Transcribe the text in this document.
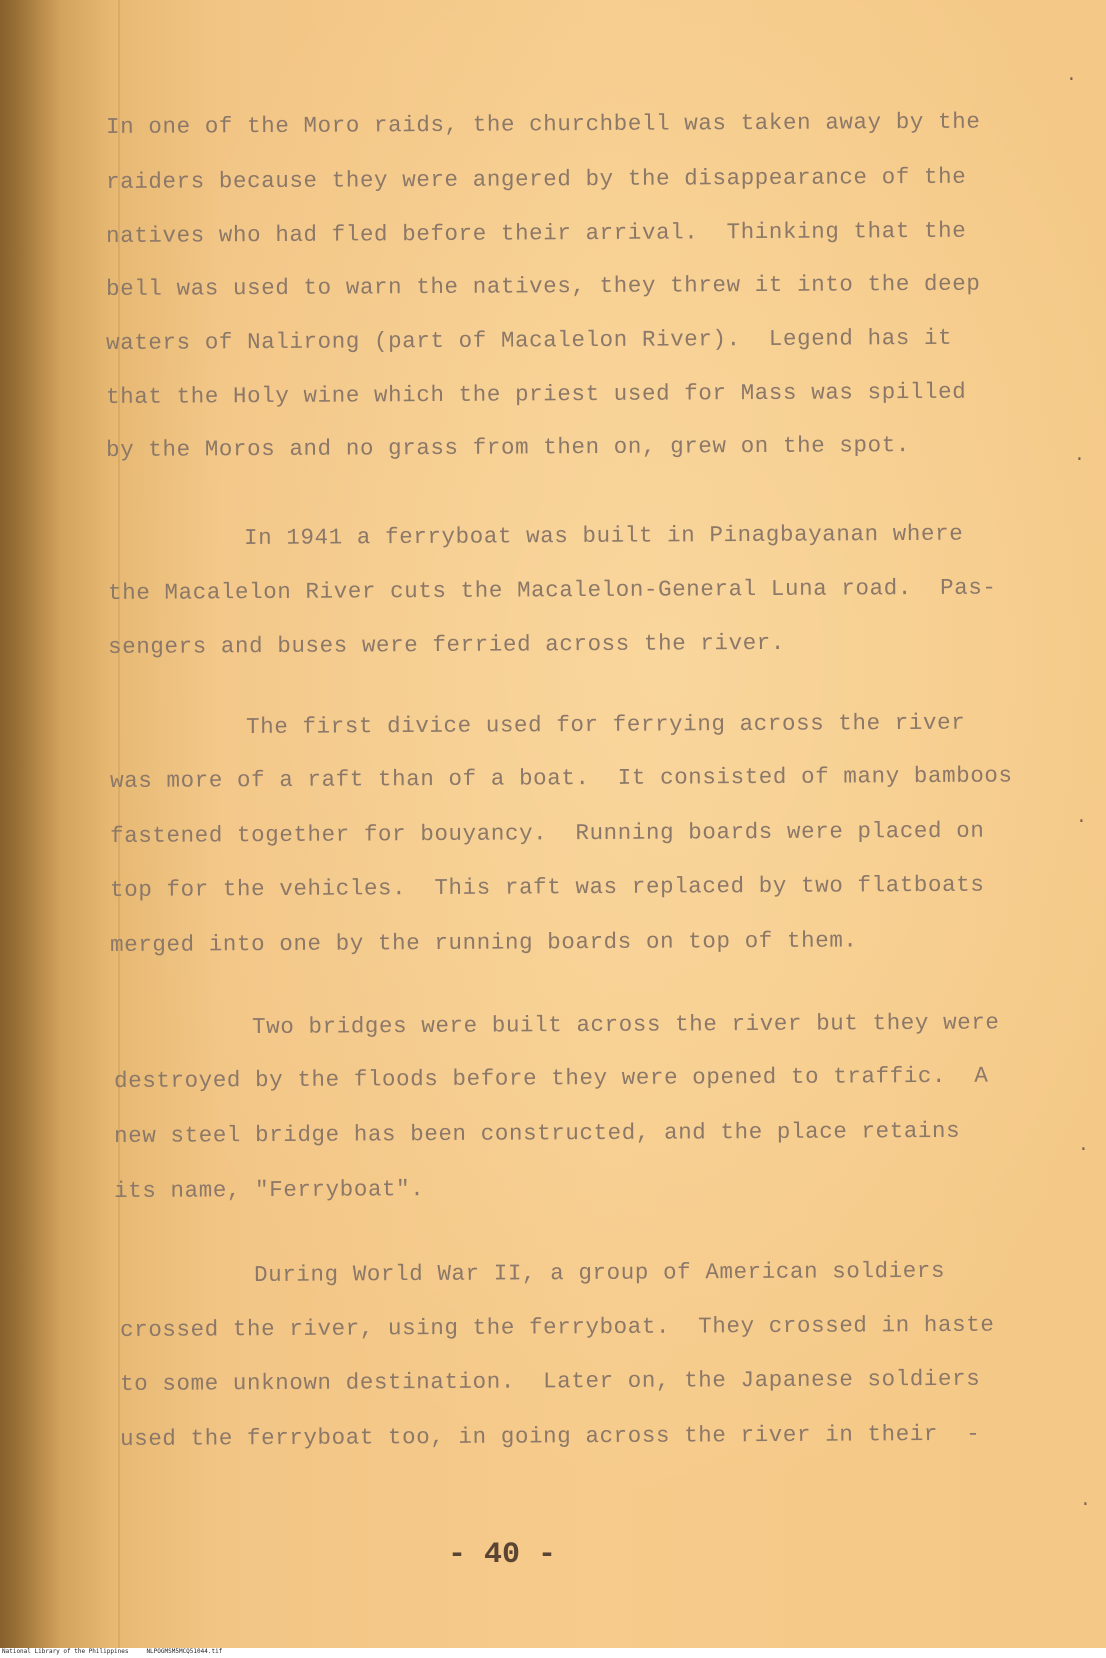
In one of the Moro raids, the churchbell was taken away by the
raiders because they were angered by the disappearance of the
natives who had fled before their arrival.  Thinking that the
bell was used to warn the natives, they threw it into the deep
waters of Nalirong (part of Macalelon River).  Legend has it
that the Holy wine which the priest used for Mass was spilled
by the Moros and no grass from then on, grew on the spot.
In 1941 a ferryboat was built in Pinagbayanan where
the Macalelon River cuts the Macalelon-General Luna road.  Pas-
sengers and buses were ferried across the river.
The first divice used for ferrying across the river
was more of a raft than of a boat.  It consisted of many bamboos
fastened together for bouyancy.  Running boards were placed on
top for the vehicles.  This raft was replaced by two flatboats
merged into one by the running boards on top of them.
Two bridges were built across the river but they were
destroyed by the floods before they were opened to traffic.  A
new steel bridge has been constructed, and the place retains
its name, "Ferryboat".
During World War II, a group of American soldiers
crossed the river, using the ferryboat.  They crossed in haste
to some unknown destination.  Later on, the Japanese soldiers
used the ferryboat too, in going across the river in their  -
- 40 -
·
·
·
·
·
National Library of the Philippines	NLPOGMSM5MCQ51044.tif
